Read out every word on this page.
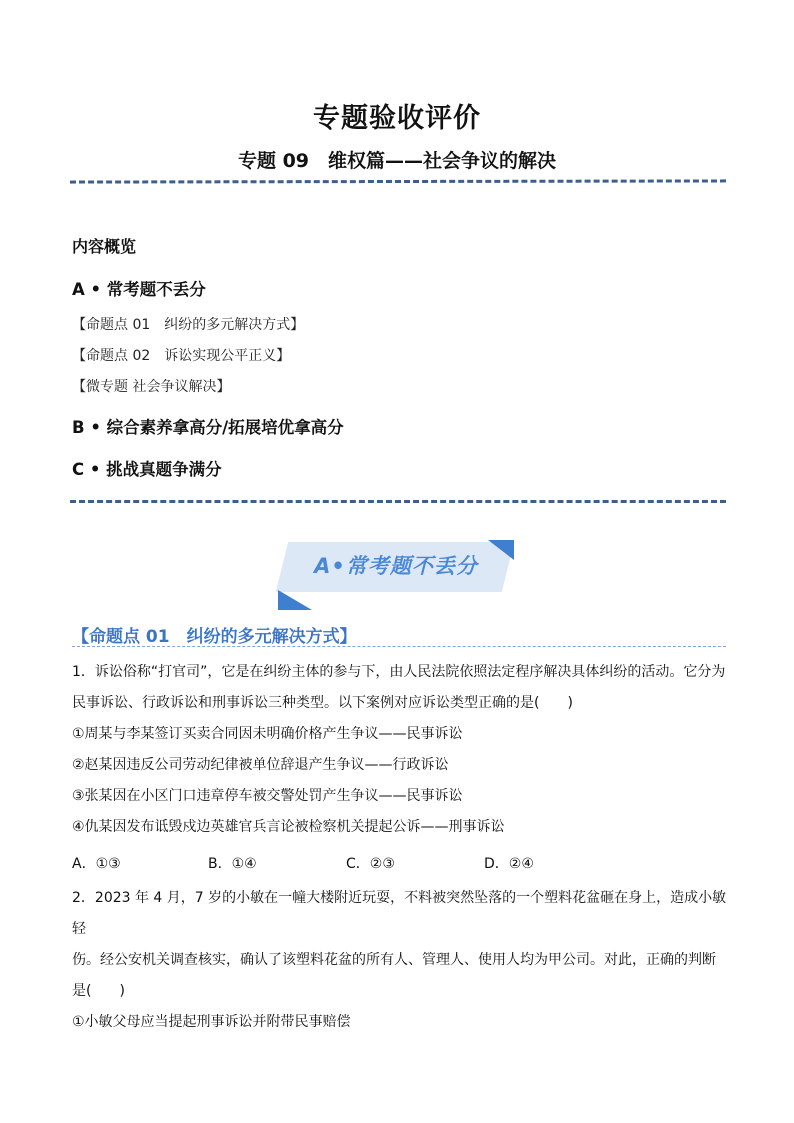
专题验收评价
专题 09　维权篇——社会争议的解决
内容概览
A • 常考题不丢分
【命题点 01　纠纷的多元解决方式】
【命题点 02　诉讼实现公平正义】
【微专题 社会争议解决】
B • 综合素养拿高分/拓展培优拿高分
C • 挑战真题争满分
A•常考题不丢分
【命题点 01　纠纷的多元解决方式】
1．诉讼俗称“打官司”，它是在纠纷主体的参与下，由人民法院依照法定程序解决具体纠纷的活动。它分为
民事诉讼、行政诉讼和刑事诉讼三种类型。以下案例对应诉讼类型正确的是(　　)
①周某与李某签订买卖合同因未明确价格产生争议——民事诉讼
②赵某因违反公司劳动纪律被单位辞退产生争议——行政诉讼
③张某因在小区门口违章停车被交警处罚产生争议——民事诉讼
④仇某因发布诋毁戍边英雄官兵言论被检察机关提起公诉——刑事诉讼
A．①③	B．①④	C．②③	D．②④
2．2023 年 4 月，7 岁的小敏在一幢大楼附近玩耍，不料被突然坠落的一个塑料花盆砸在身上，造成小敏轻
伤。经公安机关调查核实，确认了该塑料花盆的所有人、管理人、使用人均为甲公司。对此，正确的判断
是(　　)
①小敏父母应当提起刑事诉讼并附带民事赔偿
